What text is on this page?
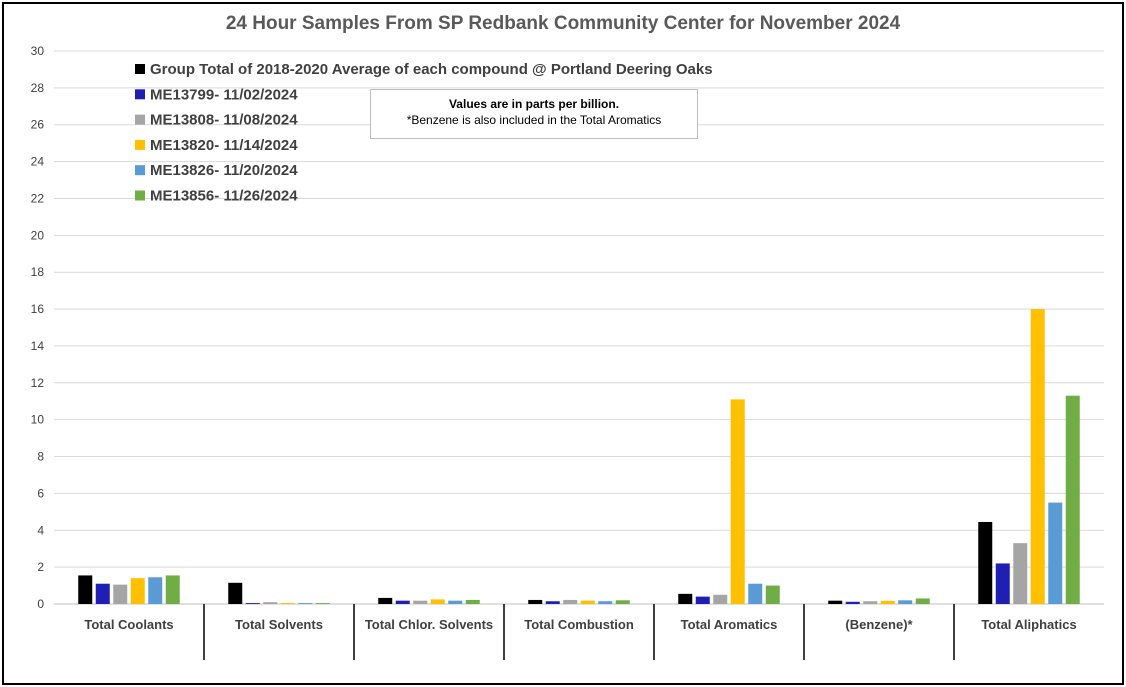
24 Hour Samples From SP Redbank Community Center for November 2024
0
2
4
6
8
10
12
14
16
18
20
22
24
26
28
30
Total Coolants	Total Solvents	Total Chlor. Solvents Total Combustion	Total Aromatics	(Benzene)*	Total Aliphatics
Group Total of 2018-2020 Average of each compound @ Portland Deering Oaks
ME13799- 11/02/2024
ME13808- 11/08/2024
ME13820- 11/14/2024
ME13826- 11/20/2024
ME13856- 11/26/2024
Values are in parts per billion.
*Benzene is also included in the Total Aromatics
